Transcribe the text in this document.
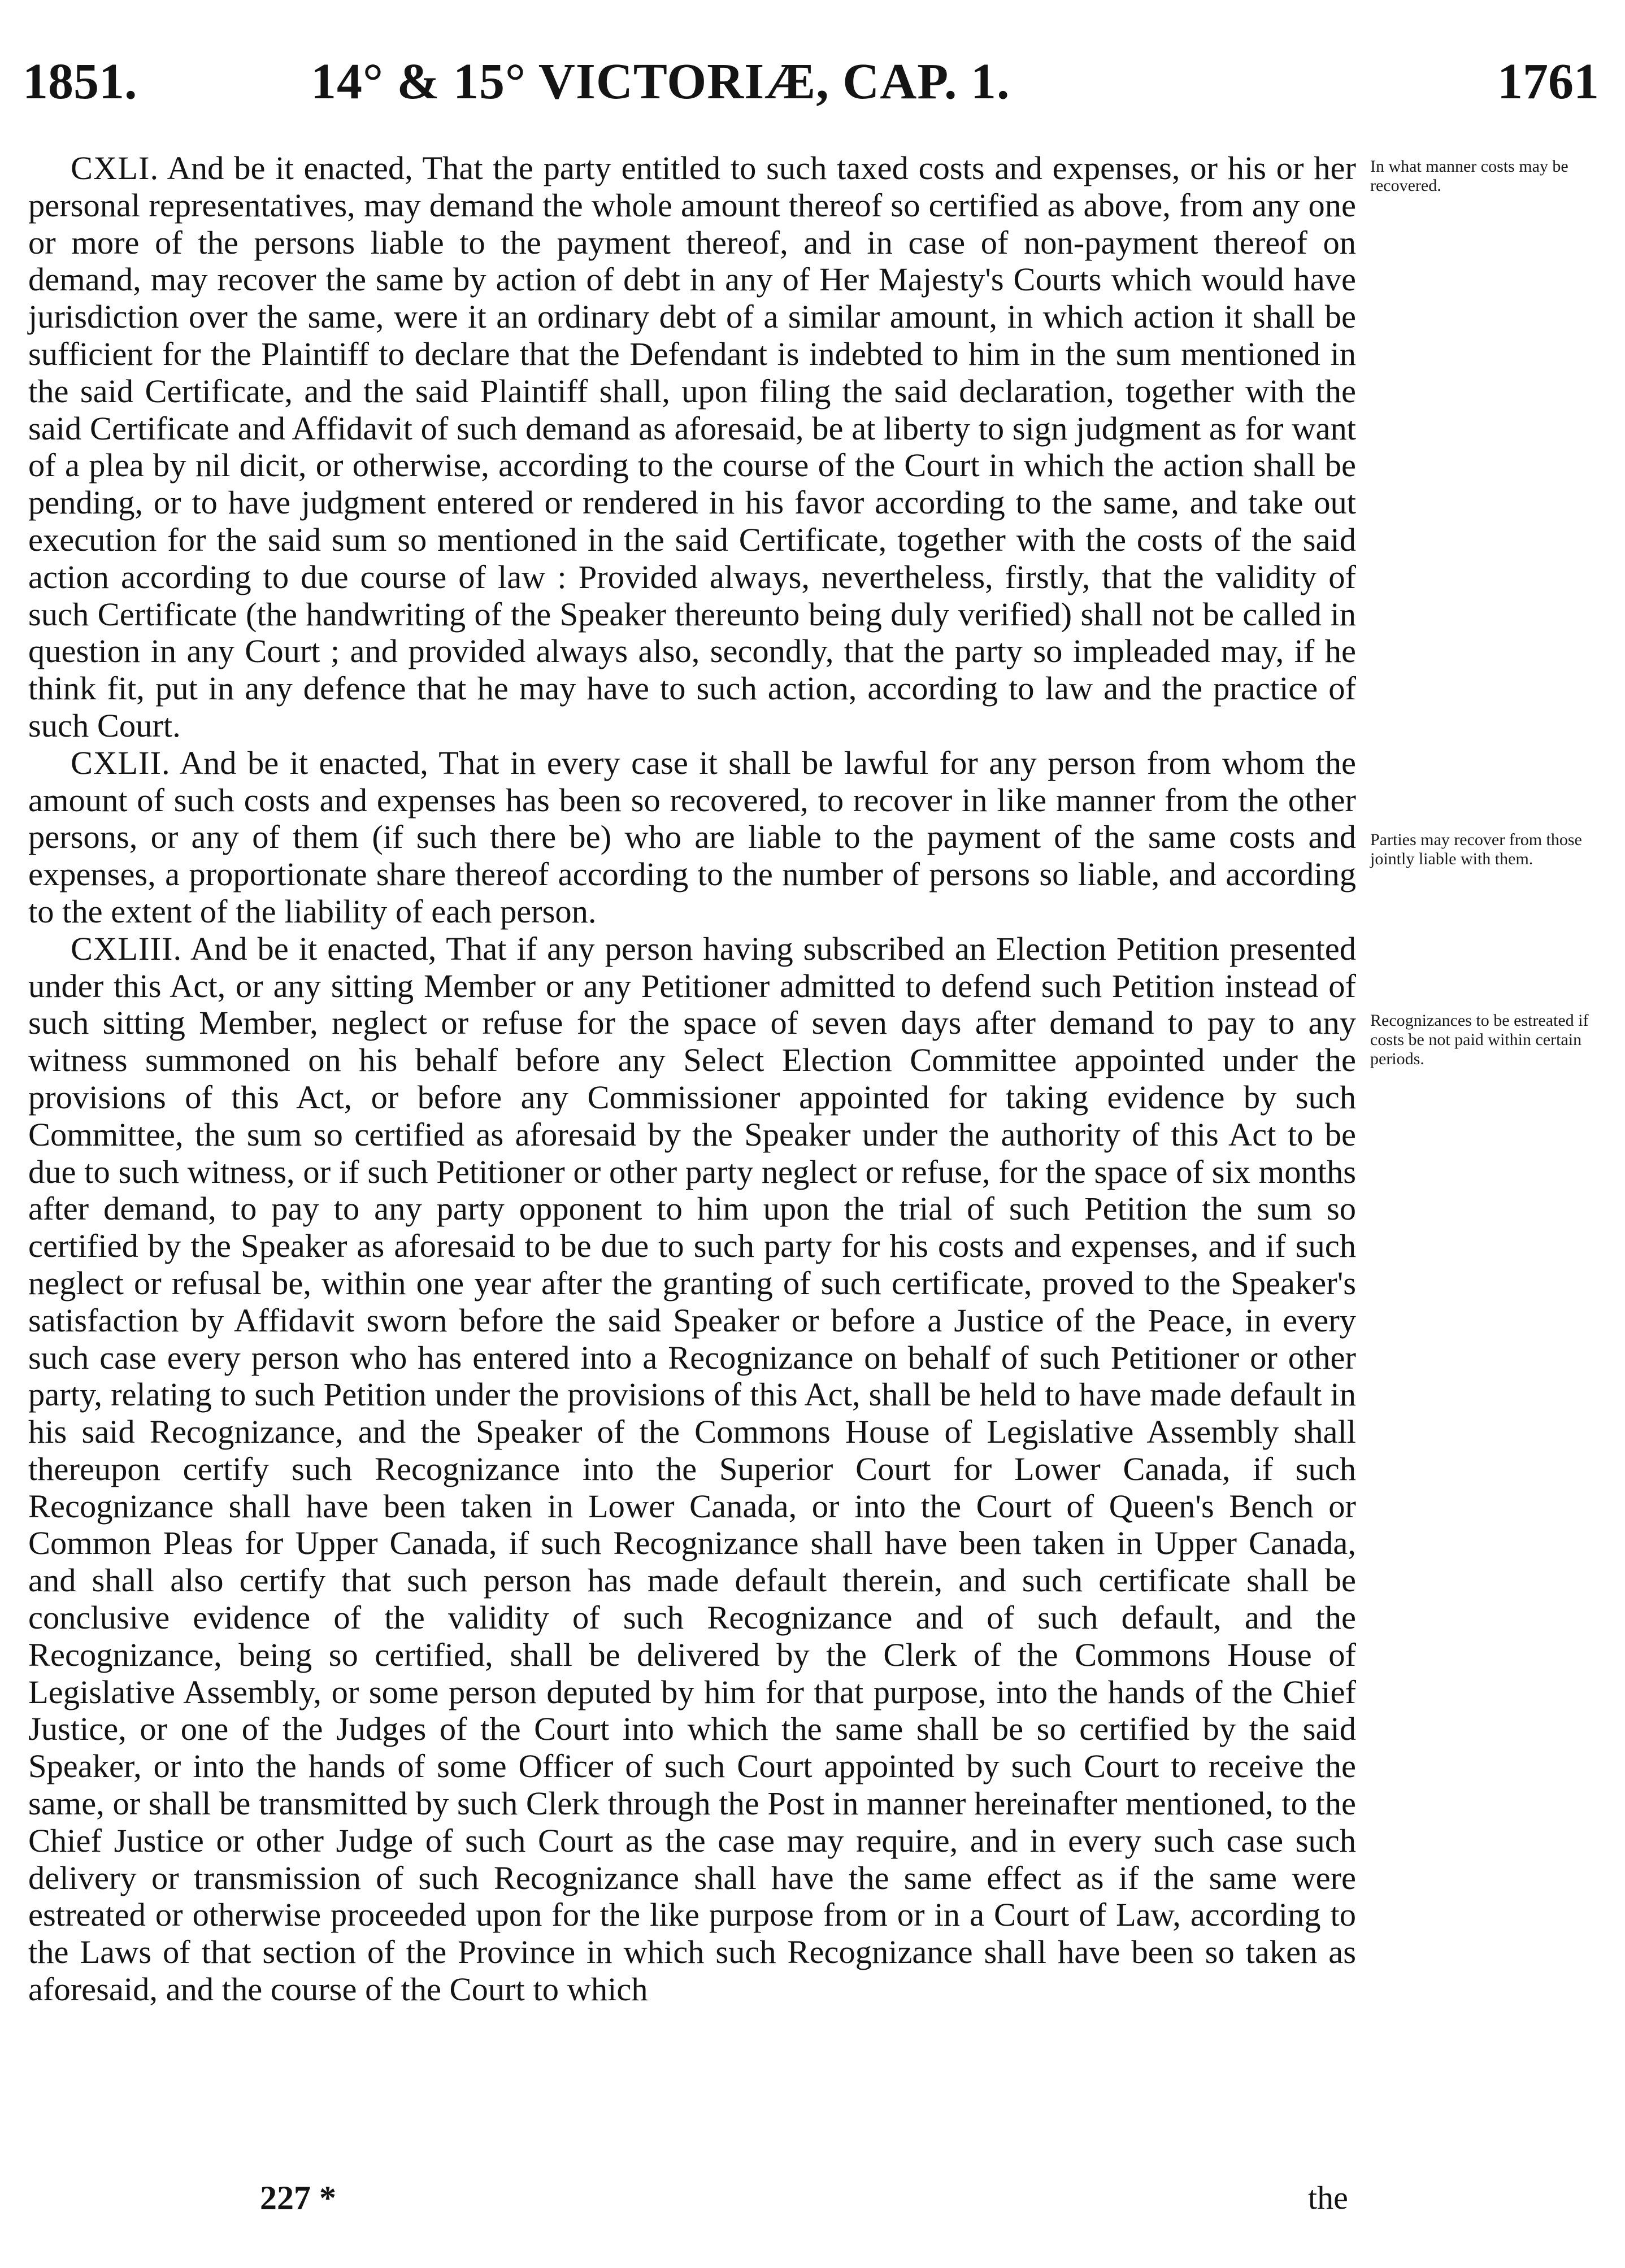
1851.	14° & 15° VICTORIÆ, CAP. 1.	1761

CXLI. And be it enacted, That the party entitled to such taxed costs and expenses, or his or her personal representatives, may demand the whole amount thereof so certified as above, from any one or more of the persons liable to the payment thereof, and in case of non-payment thereof on demand, may recover the same by action of debt in any of Her Majesty's Courts which would have jurisdiction over the same, were it an ordinary debt of a similar amount, in which action it shall be sufficient for the Plaintiff to declare that the Defendant is indebted to him in the sum mentioned in the said Certificate, and the said Plaintiff shall, upon filing the said declaration, together with the said Certificate and Affidavit of such demand as aforesaid, be at liberty to sign judgment as for want of a plea by nil dicit, or otherwise, according to the course of the Court in which the action shall be pending, or to have judgment entered or rendered in his favor according to the same, and take out execution for the said sum so mentioned in the said Certificate, together with the costs of the said action according to due course of law : Provided always, nevertheless, firstly, that the validity of such Certificate (the handwriting of the Speaker thereunto being duly verified) shall not be called in question in any Court ; and provided always also, secondly, that the party so impleaded may, if he think fit, put in any defence that he may have to such action, according to law and the practice of such Court.

CXLII. And be it enacted, That in every case it shall be lawful for any person from whom the amount of such costs and expenses has been so recovered, to recover in like manner from the other persons, or any of them (if such there be) who are liable to the payment of the same costs and expenses, a proportionate share thereof according to the number of persons so liable, and according to the extent of the liability of each person.

CXLIII. And be it enacted, That if any person having subscribed an Election Petition presented under this Act, or any sitting Member or any Petitioner admitted to defend such Petition instead of such sitting Member, neglect or refuse for the space of seven days after demand to pay to any witness summoned on his behalf before any Select Election Committee appointed under the provisions of this Act, or before any Commissioner appointed for taking evidence by such Committee, the sum so certified as aforesaid by the Speaker under the authority of this Act to be due to such witness, or if such Petitioner or other party neglect or refuse, for the space of six months after demand, to pay to any party opponent to him upon the trial of such Petition the sum so certified by the Speaker as aforesaid to be due to such party for his costs and expenses, and if such neglect or refusal be, within one year after the granting of such certificate, proved to the Speaker's satisfaction by Affidavit sworn before the said Speaker or before a Justice of the Peace, in every such case every person who has entered into a Recognizance on behalf of such Petitioner or other party, relating to such Petition under the provisions of this Act, shall be held to have made default in his said Recognizance, and the Speaker of the Commons House of Legislative Assembly shall thereupon certify such Recognizance into the Superior Court for Lower Canada, if such Recognizance shall have been taken in Lower Canada, or into the Court of Queen's Bench or Common Pleas for Upper Canada, if such Recognizance shall have been taken in Upper Canada, and shall also certify that such person has made default therein, and such certificate shall be conclusive evidence of the validity of such Recognizance and of such default, and the Recognizance, being so certified, shall be delivered by the Clerk of the Commons House of Legislative Assembly, or some person deputed by him for that purpose, into the hands of the Chief Justice, or one of the Judges of the Court into which the same shall be so certified by the said Speaker, or into the hands of some Officer of such Court appointed by such Court to receive the same, or shall be transmitted by such Clerk through the Post in manner hereinafter mentioned, to the Chief Justice or other Judge of such Court as the case may require, and in every such case such delivery or transmission of such Recognizance shall have the same effect as if the same were estreated or otherwise proceeded upon for the like purpose from or in a Court of Law, according to the Laws of that section of the Province in which such Recognizance shall have been so taken as aforesaid, and the course of the Court to which

In what manner costs may be recovered.
Parties may recover from those jointly liable with them.
Recognizances to be estreated if costs be not paid within certain periods.
227 *	the
